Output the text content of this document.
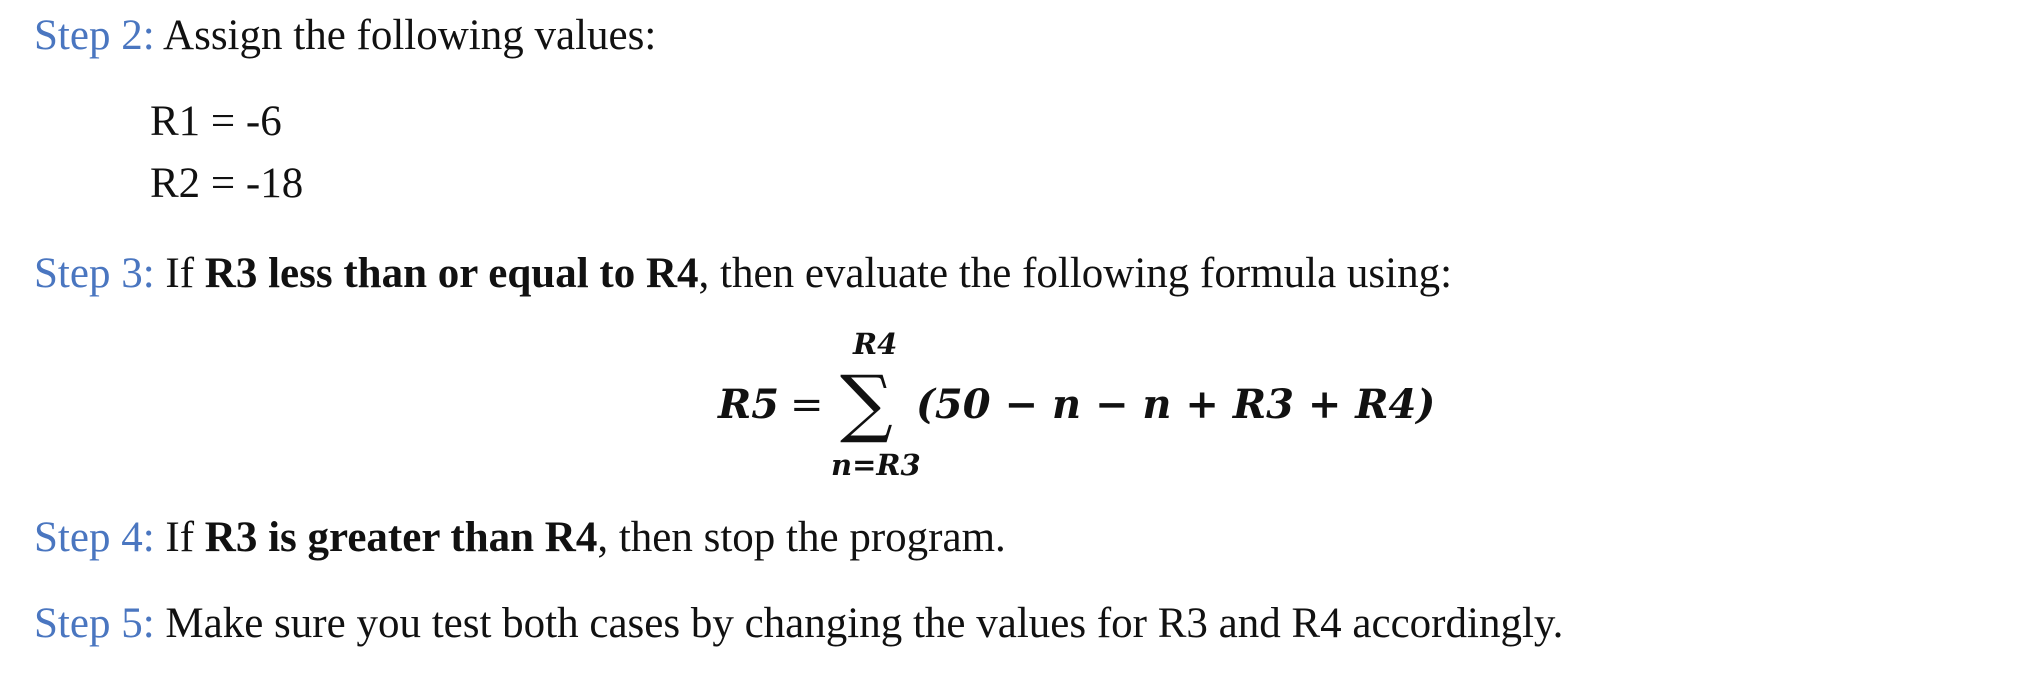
Step 2: Assign the following values:
R1 = -6
R2 = -18
Step 3: If R3 less than or equal to R4, then evaluate the following formula using:
R4
R5 = ∑
n=R3
(50 − n − n + R3 + R4)
Step 4: If R3 is greater than R4, then stop the program.
Step 5: Make sure you test both cases by changing the values for R3 and R4 accordingly.
